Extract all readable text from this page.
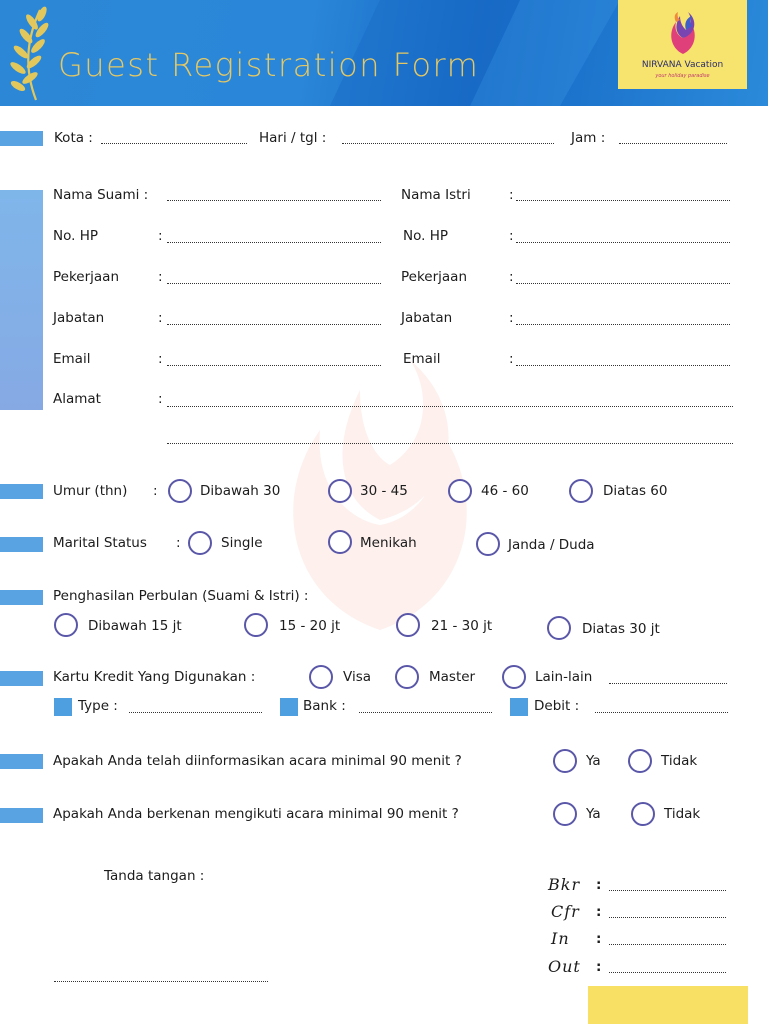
Guest Registration Form	NIRVANA Vacation
your holiday paradise
Kota :	Hari / tgl :	Jam :
Nama Suami :	Nama Istri	:
No. HP	:	No. HP	:
Pekerjaan	:	Pekerjaan	:
Jabatan	:	Jabatan	:
Email	:	Email	:
Alamat	:
Umur (thn) :	Dibawah 30	30 - 45	46 - 60	Diatas 60
Marital Status :	Single	Menikah	Janda / Duda
Penghasilan Perbulan (Suami & Istri) :
Dibawah 15 jt	15 - 20 jt	21 - 30 jt	Diatas 30 jt
Kartu Kredit Yang Digunakan :	Visa	Master	Lain-lain
Type :	Bank :	Debit :
Apakah Anda telah diinformasikan acara minimal 90 menit ?	Ya	Tidak
Apakah Anda berkenan mengikuti acara minimal 90 menit ?	Ya	Tidak
Tanda tangan :	Bkr :
Cfr :
In :
Out :
